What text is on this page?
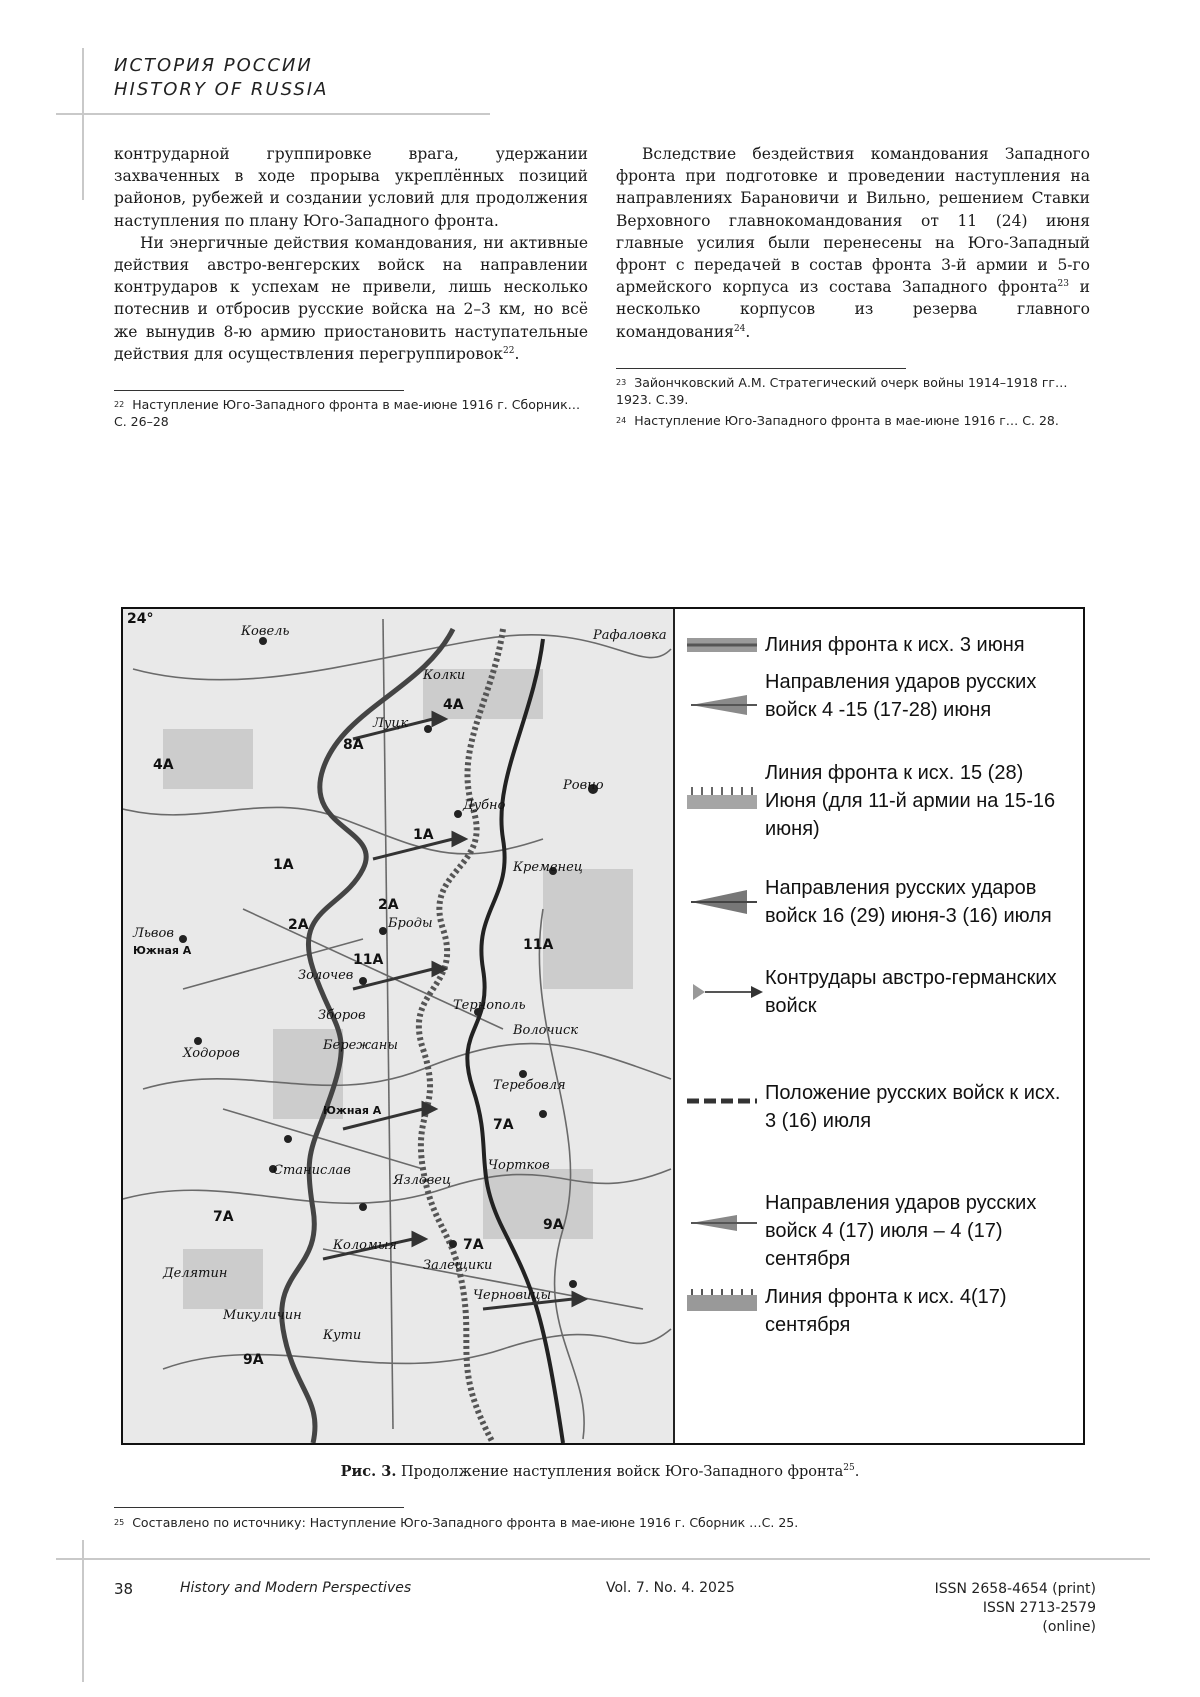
ИСТОРИЯ РОССИИ
HISTORY OF RUSSIA

контрударной группировке врага, удержании захваченных в ходе прорыва укреплённых позиций районов, рубежей и создании условий для продолжения наступления по плану Юго-Западного фронта.

Ни энергичные действия командования, ни активные действия австро-венгерских войск на направлении контрударов к успехам не привели, лишь несколько потеснив и отбросив русские войска на 2–3 км, но всё же вынудив 8-ю армию приостановить наступательные действия для осуществления перегруппировок$^{22}$.

Вследствие бездействия командования Западного фронта при подготовке и проведении наступления на направлениях Барановичи и Вильно, решением Ставки Верховного главнокомандования от 11 (24) июня главные усилия были перенесены на Юго-Западный фронт с передачей в состав фронта 3-й армии и 5-го армейского корпуса из состава Западного фронта$^{23}$ и несколько корпусов из резерва главного командования$^{24}$.

$^{22}$ Наступление Юго-Западного фронта в мае-июне 1916 г. Сборник… С. 26–28
$^{23}$ Зайончковский А.М. Стратегический очерк войны 1914–1918 гг… 1923. С.39.
$^{24}$ Наступление Юго-Западного фронта в мае-июне 1916 г… С. 28.
Ковель	Рафаловка
Колки
Луцк
Ровно
Дубно
Кременец
Броды
Львов
Золочев
Тернополь
Волочиск
Зборов
Бережаны
Ходоров
Теребовля
Станислав	Чортков
Язловец
Коломыя
Залещики
Черновицы
Делятин
Микуличин
Кути
24°
4А
4А
8А
1А
1А
2А
2А
11А
11А
7А
7А
7А
9А
9А
Южная А
Южная А
Линия фронта к исх. 3 июня
Направления ударов русских войск 4 -15 (17-28) июня
Линия фронта к исх. 15 (28) Июня (для 11-й армии на 15-16 июня)
Направления русских ударов войск 16 (29) июня-3 (16) июля
Контрудары австро-германских войск
Положение русских войск к исх. 3 (16) июля
Направления ударов русских войск 4 (17) июля – 4 (17) сентября
Линия фронта к исх. 4(17) сентября
Рис. 3. Продолжение наступления войск Юго-Западного фронта$^{25}$.
$^{25}$ Составлено по источнику: Наступление Юго-Западного фронта в мае-июне 1916 г. Сборник …С. 25.
38	History and Modern Perspectives	Vol. 7. No. 4. 2025	ISSN 2658-4654 (print)
ISSN 2713-2579 (online)
